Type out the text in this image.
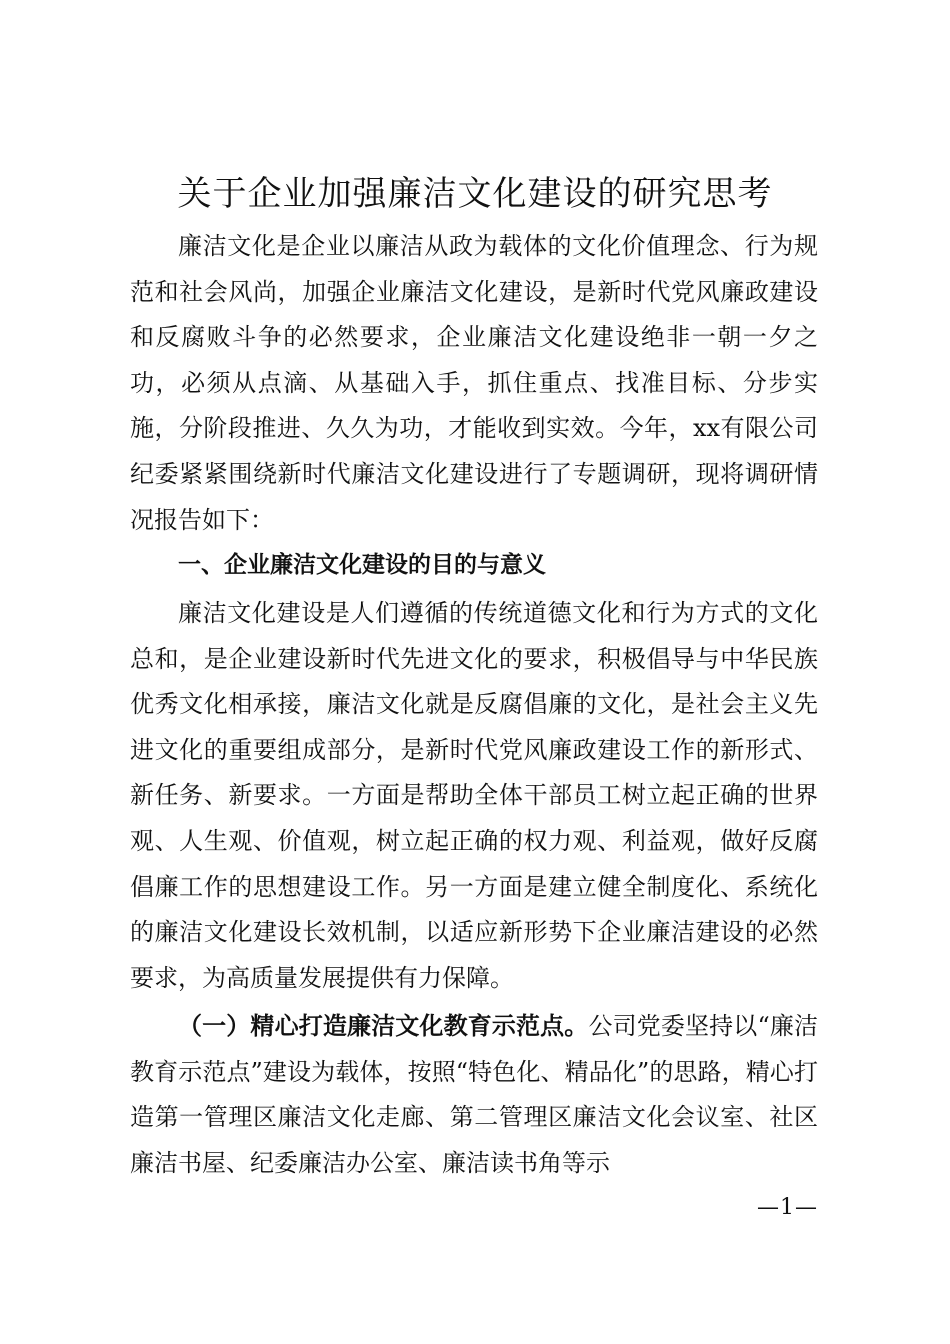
关于企业加强廉洁文化建设的研究思考

廉洁文化是企业以廉洁从政为载体的文化价值理念、行为规范和社会风尚，加强企业廉洁文化建设，是新时代党风廉政建设和反腐败斗争的必然要求，企业廉洁文化建设绝非一朝一夕之功，必须从点滴、从基础入手，抓住重点、找准目标、分步实施，分阶段推进、久久为功，才能收到实效。今年，xx有限公司纪委紧紧围绕新时代廉洁文化建设进行了专题调研，现将调研情况报告如下：

一、企业廉洁文化建设的目的与意义

廉洁文化建设是人们遵循的传统道德文化和行为方式的文化总和，是企业建设新时代先进文化的要求，积极倡导与中华民族优秀文化相承接，廉洁文化就是反腐倡廉的文化，是社会主义先进文化的重要组成部分，是新时代党风廉政建设工作的新形式、新任务、新要求。一方面是帮助全体干部员工树立起正确的世界观、人生观、价值观，树立起正确的权力观、利益观，做好反腐倡廉工作的思想建设工作。另一方面是建立健全制度化、系统化的廉洁文化建设长效机制，以适应新形势下企业廉洁建设的必然要求，为高质量发展提供有力保障。

（一）精心打造廉洁文化教育示范点。公司党委坚持以“廉洁教育示范点”建设为载体，按照“特色化、精品化”的思路，精心打造第一管理区廉洁文化走廊、第二管理区廉洁文化会议室、社区廉洁书屋、纪委廉洁办公室、廉洁读书角等示

—1—
